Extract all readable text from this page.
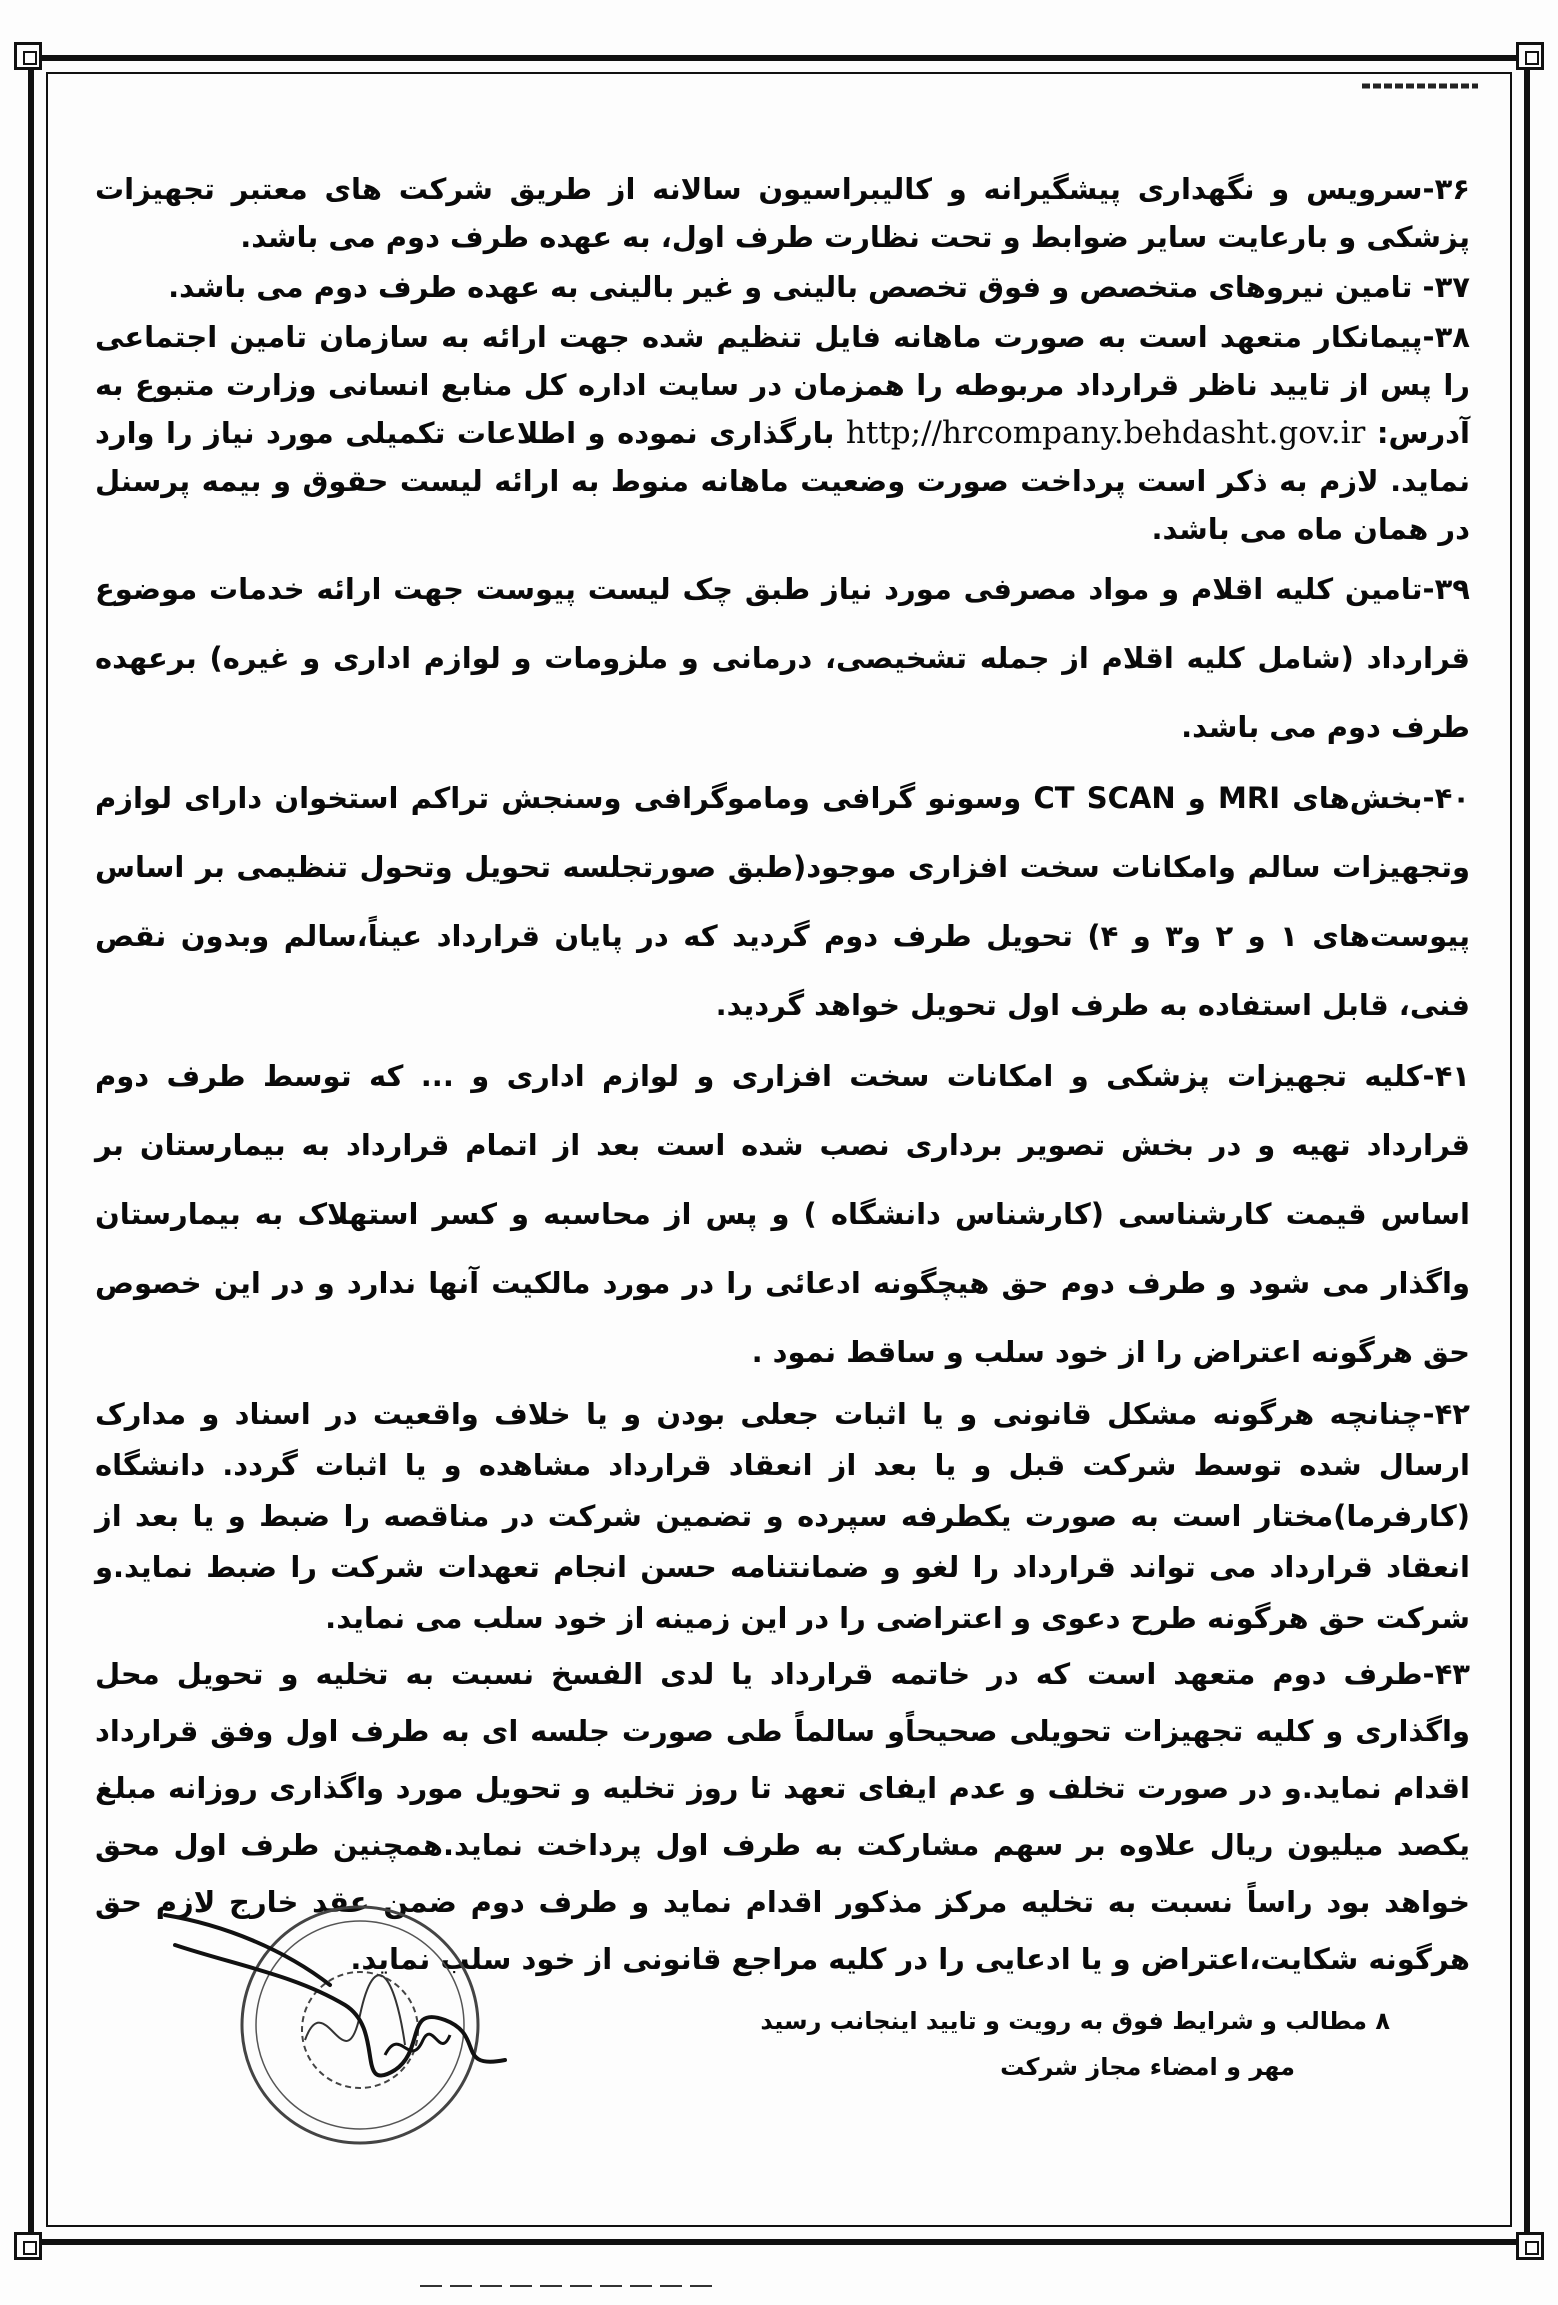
۳۶-سرویس و نگهداری پیشگیرانه و کالیبراسیون سالانه از طریق شرکت های معتبر تجهیزات پزشکی و بارعایت سایر ضوابط و تحت نظارت طرف اول، به عهده طرف دوم می باشد.

۳۷- تامین نیروهای متخصص و فوق تخصص بالینی و غیر بالینی به عهده طرف دوم می باشد.

۳۸-پیمانکار متعهد است به صورت ماهانه فایل تنظیم شده جهت ارائه به سازمان تامین اجتماعی را پس از تایید ناظر قرارداد مربوطه را همزمان در سایت اداره کل منابع انسانی وزارت متبوع به آدرس: http;//hrcompany.behdasht.gov.ir بارگذاری نموده و اطلاعات تکمیلی مورد نیاز را وارد نماید. لازم به ذکر است پرداخت صورت وضعیت ماهانه منوط به ارائه لیست حقوق و بیمه پرسنل در همان ماه می باشد.

۳۹-تامین کلیه اقلام و مواد مصرفی مورد نیاز طبق چک لیست پیوست جهت ارائه خدمات موضوع قرارداد (شامل کلیه اقلام از جمله تشخیصی، درمانی و ملزومات و لوازم اداری و غیره) برعهده طرف دوم می باشد.

۴۰-بخش‌های MRI و CT SCAN وسونو گرافی وماموگرافی وسنجش تراکم استخوان دارای لوازم وتجهیزات سالم وامکانات سخت افزاری موجود(طبق صورتجلسه تحویل وتحول تنظیمی بر اساس پیوست‌های ۱ و ۲ و۳ و ۴) تحویل طرف دوم گردید که در پایان قرارداد عیناً،سالم وبدون نقص فنی، قابل استفاده به طرف اول تحویل خواهد گردید.

۴۱-کلیه تجهیزات پزشکی و امکانات سخت افزاری و لوازم اداری و ... که توسط طرف دوم قرارداد تهیه و در بخش تصویر برداری نصب شده است بعد از اتمام قرارداد به بیمارستان بر اساس قیمت کارشناسی (کارشناس دانشگاه ) و پس از محاسبه و کسر استهلاک به بیمارستان واگذار می شود و طرف دوم حق هیچگونه ادعائی را در مورد مالکیت آنها ندارد و در این خصوص حق هرگونه اعتراض را از خود سلب و ساقط نمود .

۴۲-چنانچه هرگونه مشکل قانونی و یا اثبات جعلی بودن و یا خلاف واقعیت در اسناد و مدارک ارسال شده توسط شرکت قبل و یا بعد از انعقاد قرارداد مشاهده و یا اثبات گردد. دانشگاه (کارفرما)مختار است به صورت یکطرفه سپرده و تضمین شرکت در مناقصه را ضبط و یا بعد از انعقاد قرارداد می تواند قرارداد را لغو و ضمانتنامه حسن انجام تعهدات شرکت را ضبط نماید.و شرکت حق هرگونه طرح دعوی و اعتراضی را در این زمینه از خود سلب می نماید.

۴۳-طرف دوم متعهد است که در خاتمه قرارداد یا لدی الفسخ نسبت به تخلیه و تحویل محل واگذاری و کلیه تجهیزات تحویلی صحیحاًو سالماً طی صورت جلسه ای به طرف اول وفق قرارداد اقدام نماید.و در صورت تخلف و عدم ایفای تعهد تا روز تخلیه و تحویل مورد واگذاری روزانه مبلغ یکصد میلیون ریال علاوه بر سهم مشارکت به طرف اول پرداخت نماید.همچنین طرف اول محق خواهد بود راساً نسبت به تخلیه مرکز مذکور اقدام نماید و طرف دوم ضمن عقد خارج لازم حق هرگونه شکایت،اعتراض و یا ادعایی را در کلیه مراجع قانونی از خود سلب نماید.

۸ مطالب و شرایط فوق به رویت و تایید اینجانب رسید
مهر و امضاء مجاز شرکت
